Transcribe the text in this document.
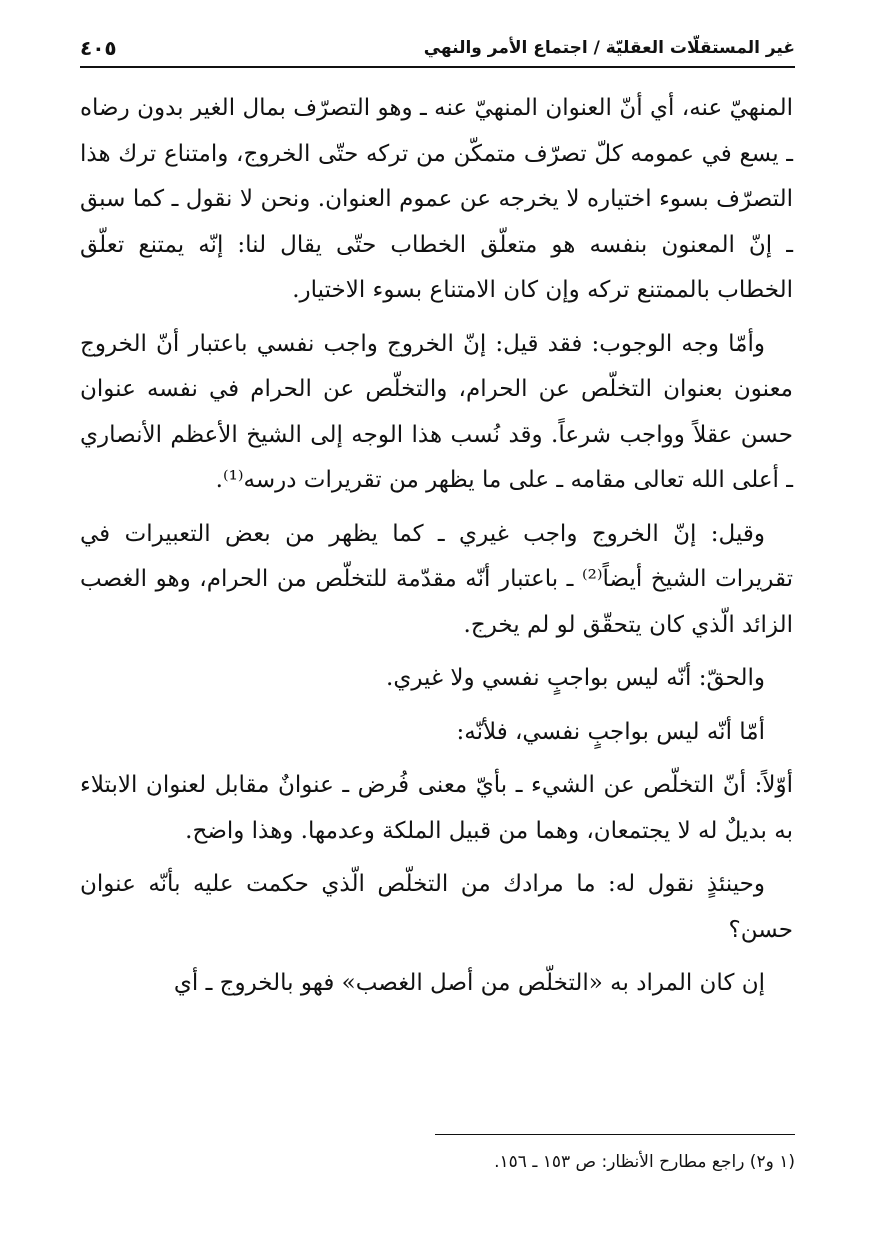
غير المستقلّات العقليّة / اجتماع الأمر والنهي
٤٠٥

المنهيّ عنه، أي أنّ العنوان المنهيّ عنه ـ وهو التصرّف بمال الغير بدون رضاه ـ يسع في عمومه كلّ تصرّف متمكّن من تركه حتّى الخروج، وامتناع ترك هذا التصرّف بسوء اختياره لا يخرجه عن عموم العنوان. ونحن لا نقول ـ كما سبق ـ إنّ المعنون بنفسه هو متعلّق الخطاب حتّى يقال لنا: إنّه يمتنع تعلّق الخطاب بالممتنع تركه وإن كان الامتناع بسوء الاختيار.

وأمّا وجه الوجوب: فقد قيل: إنّ الخروج واجب نفسي باعتبار أنّ الخروج معنون بعنوان التخلّص عن الحرام، والتخلّص عن الحرام في نفسه عنوان حسن عقلاً وواجب شرعاً. وقد نُسب هذا الوجه إلى الشيخ الأعظم الأنصاري ـ أعلى الله تعالى مقامه ـ على ما يظهر من تقريرات درسه⁽¹⁾.

وقيل: إنّ الخروج واجب غيري ـ كما يظهر من بعض التعبيرات في تقريرات الشيخ أيضاً⁽²⁾ ـ باعتبار أنّه مقدّمة للتخلّص من الحرام، وهو الغصب الزائد الّذي كان يتحقّق لو لم يخرج.

والحقّ: أنّه ليس بواجبٍ نفسي ولا غيري.

أمّا أنّه ليس بواجبٍ نفسي، فلأنّه:

أوّلاً: أنّ التخلّص عن الشيء ـ بأيّ معنى فُرض ـ عنوانٌ مقابل لعنوان الابتلاء به بديلٌ له لا يجتمعان، وهما من قبيل الملكة وعدمها. وهذا واضح.

وحينئذٍ نقول له: ما مرادك من التخلّص الّذي حكمت عليه بأنّه عنوان حسن؟

إن كان المراد به «التخلّص من أصل الغصب» فهو بالخروج ـ أي

(١ و٢) راجع مطارح الأنظار: ص ١٥٣ ـ ١٥٦.
